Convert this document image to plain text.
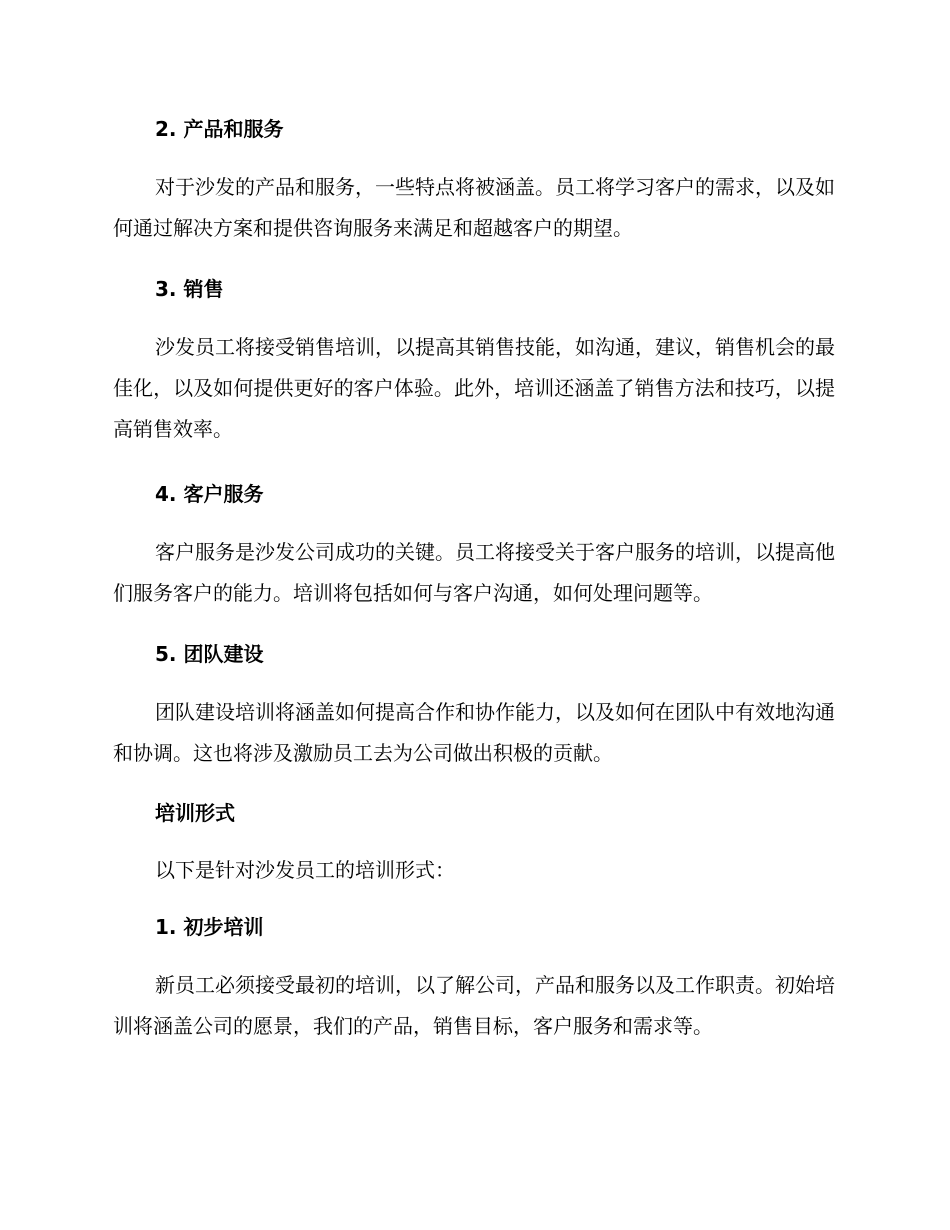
2. 产品和服务
对于沙发的产品和服务，一些特点将被涵盖。员工将学习客户的需求，以及如何通过解决方案和提供咨询服务来满足和超越客户的期望。
3. 销售
沙发员工将接受销售培训，以提高其销售技能，如沟通，建议，销售机会的最佳化，以及如何提供更好的客户体验。此外，培训还涵盖了销售方法和技巧，以提高销售效率。
4. 客户服务
客户服务是沙发公司成功的关键。员工将接受关于客户服务的培训，以提高他们服务客户的能力。培训将包括如何与客户沟通，如何处理问题等。
5. 团队建设
团队建设培训将涵盖如何提高合作和协作能力，以及如何在团队中有效地沟通和协调。这也将涉及激励员工去为公司做出积极的贡献。
培训形式
以下是针对沙发员工的培训形式：
1. 初步培训
新员工必须接受最初的培训，以了解公司，产品和服务以及工作职责。初始培训将涵盖公司的愿景，我们的产品，销售目标，客户服务和需求等。
